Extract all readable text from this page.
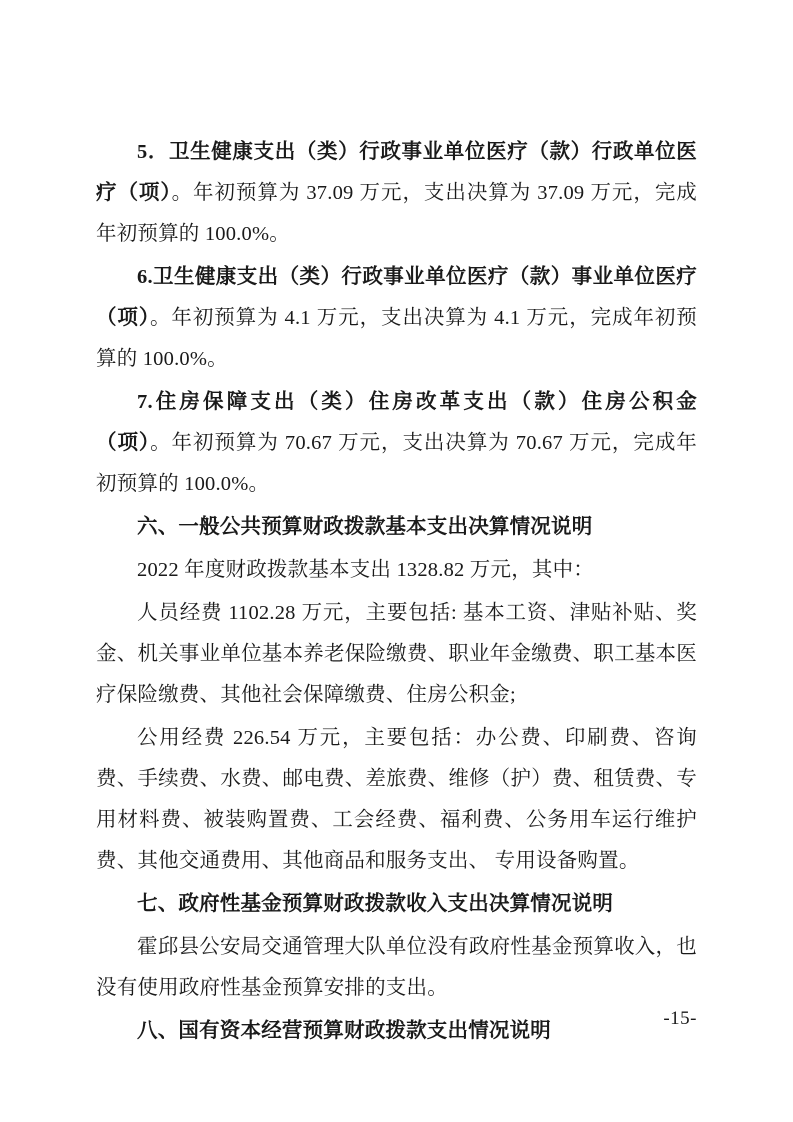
5．卫生健康支出（类）行政事业单位医疗（款）行政单位医疗（项）。年初预算为 37.09 万元，支出决算为 37.09 万元，完成年初预算的 100.0%。

6.卫生健康支出（类）行政事业单位医疗（款）事业单位医疗（项）。年初预算为 4.1 万元，支出决算为 4.1 万元，完成年初预算的 100.0%。

7.住房保障支出（类）住房改革支出（款）住房公积金（项）。年初预算为 70.67 万元，支出决算为 70.67 万元，完成年初预算的 100.0%。

六、一般公共预算财政拨款基本支出决算情况说明

2022 年度财政拨款基本支出 1328.82 万元，其中：

人员经费 1102.28 万元，主要包括: 基本工资、津贴补贴、奖金、机关事业单位基本养老保险缴费、职业年金缴费、职工基本医疗保险缴费、其他社会保障缴费、住房公积金;

公用经费 226.54 万元，主要包括：办公费、印刷费、咨询费、手续费、水费、邮电费、差旅费、维修（护）费、租赁费、专用材料费、被装购置费、工会经费、福利费、公务用车运行维护费、其他交通费用、其他商品和服务支出、 专用设备购置。

七、政府性基金预算财政拨款收入支出决算情况说明

霍邱县公安局交通管理大队单位没有政府性基金预算收入，也没有使用政府性基金预算安排的支出。

八、国有资本经营预算财政拨款支出情况说明

-15-
